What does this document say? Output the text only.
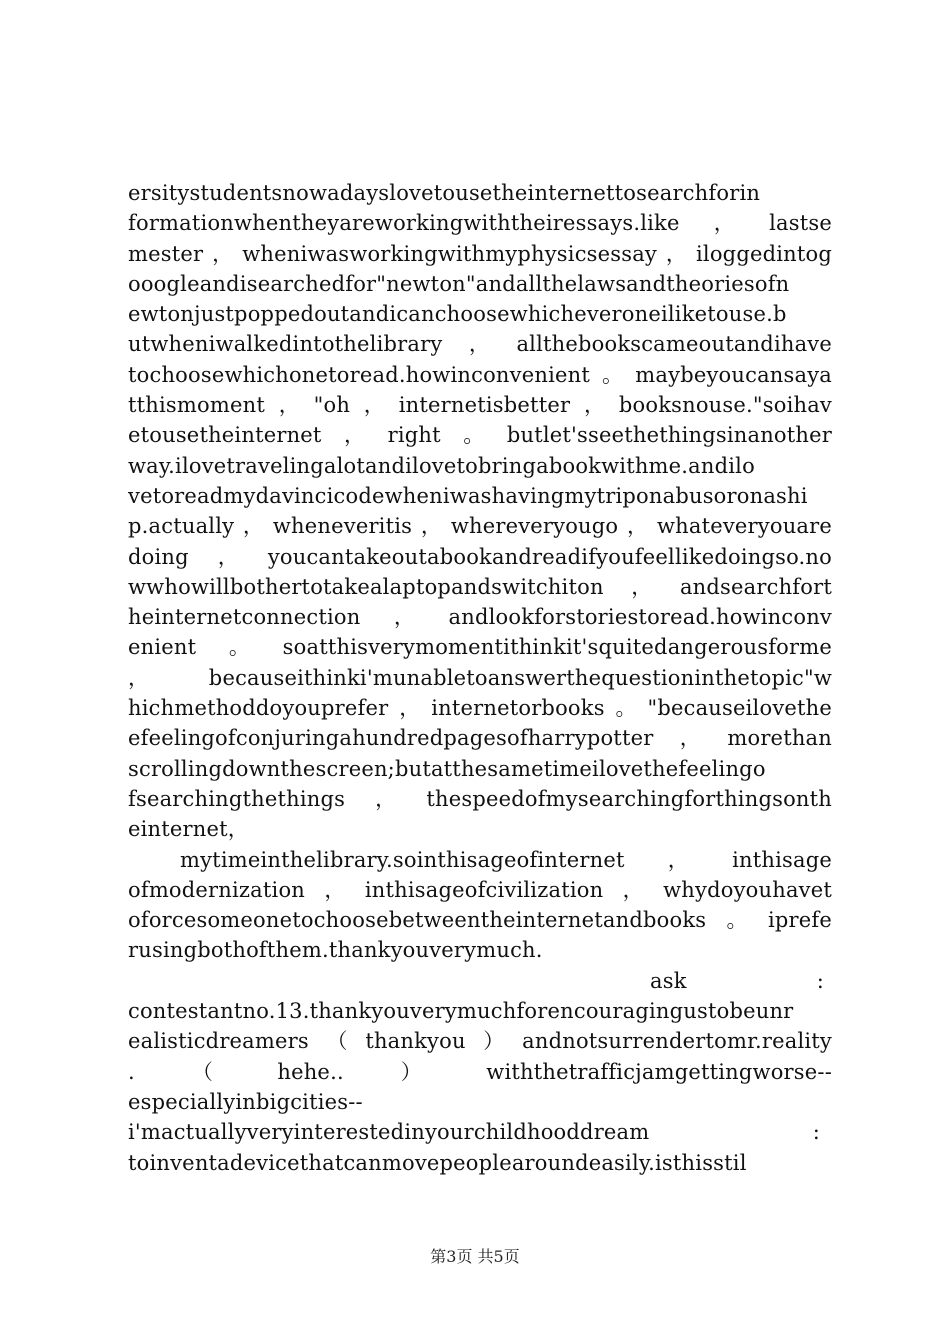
ersitystudentsnowadayslovetousetheinternettosearchforin
formationwhentheyareworkingwiththeiressays.like，lastse
mester，wheniwasworkingwithmyphysicsessay，iloggedintog
ooogleandisearchedfor"newton"andallthelawsandtheoriesofn
ewtonjustpoppedoutandicanchoosewhicheveroneiliketouse.b
utwheniwalkedintothelibrary，allthebookscameoutandihave
tochoosewhichonetoread.howinconvenient。maybeyoucansaya
tthismoment，"oh，internetisbetter，booksnouse."soihav
etousetheinternet，right。butlet'sseethethingsinanother
way.ilovetravelingalotandilovetobringabookwithme.andilo
vetoreadmydavincicodewheniwashavingmytriponabusoronashi
p.actually，wheneveritis，whereveryougo，whateveryouare
doing，youcantakeoutabookandreadifyoufeellikedoingso.no
wwhowillbothertotakealaptopandswitchiton，andsearchfort
heinternetconnection，andlookforstoriestoread.howinconv
enient。soatthisverymomentithinkit'squitedangerousforme
，becauseithinki'munabletoanswerthequestioninthetopic"w
hichmethoddoyouprefer，internetorbooks。"becauseilovethe
efeelingofconjuringahundredpagesofharrypotter，morethan
scrollingdownthescreen;butatthesametimeilovethefeelingo
fsearchingthethings，thespeedofmysearchingforthingsonth
einternet，
mytimeinthelibrary.sointhisageofinternet，inthisage
ofmodernization，inthisageofcivilization，whydoyouhavet
oforcesomeonetochoosebetweentheinternetandbooks。iprefe
rusingbothofthem.thankyouverymuch.
ask	:
contestantno.13.thankyouverymuchforencouragingustobeunr
ealisticdreamers（thankyou）andnotsurrendertomr.reality
.    （    hehe..    ）    withthetrafficjamgettingworse--
especiallyinbigcities--
i'mactuallyveryinterestedinyourchildhooddream	:
toinventadevicethatcanmovepeoplearoundeasily.isthisstil
第3页 共5页
